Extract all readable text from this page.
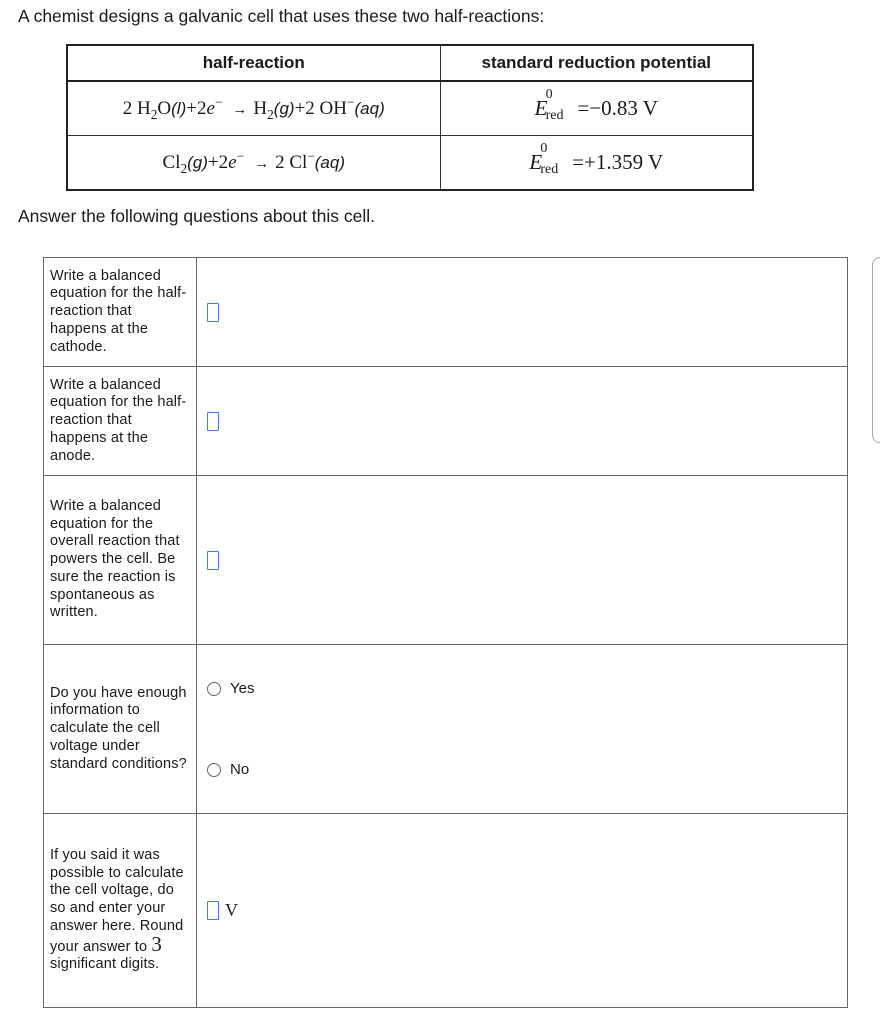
A chemist designs a galvanic cell that uses these two half-reactions:
half-reaction	standard reduction potential
2 $H_2O(l)+2e^- \to H_2(g)+2$ OH−(aq)	E
0
red =−0.83 V
$Cl_2(g)+2e^- \to 2$ Cl−(aq)	E
0
red =+1.359 V
Answer the following questions about this cell.
Write a balanced equation for the half-reaction that happens at the cathode.	
Write a balanced equation for the half-reaction that happens at the anode.	
Write a balanced equation for the overall reaction that powers the cell. Be sure the reaction is spontaneous as written.	
Do you have enough information to calculate the cell voltage under standard conditions?	Yes
No

If you said it was possible to calculate the cell voltage, do so and enter your answer here. Round your answer to 3 significant digits.	V
